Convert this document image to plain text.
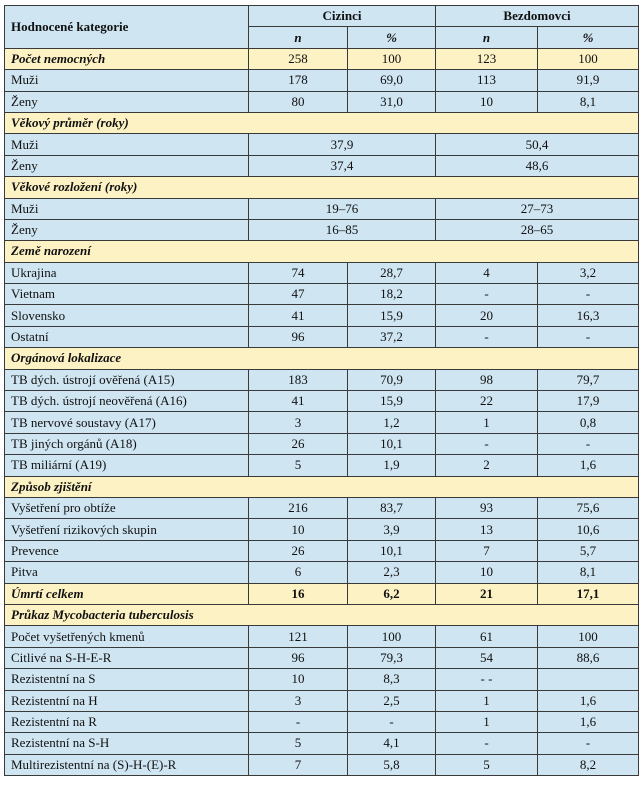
Hodnocené kategorie	Cizinci		Bezdomovci	
	n	%	n	%
Počet nemocných	258	100	123	100
Muži	178	69,0	113	91,9
Ženy	80	31,0	10	8,1
Věkový průměr (roky)				
Muži	37,9		50,4	
Ženy	37,4		48,6	
Věkové rozložení (roky)				
Muži	19–76		27–73	
Ženy	16–85		28–65	
Země narození				
Ukrajina	74	28,7	4	3,2
Vietnam	47	18,2	-	-
Slovensko	41	15,9	20	16,3
Ostatní	96	37,2	-	-
Orgánová lokalizace				
TB dých. ústrojí ověřená (A15)	183	70,9	98	79,7
TB dých. ústrojí neověřená (A16)	41	15,9	22	17,9
TB nervové soustavy (A17)	3	1,2	1	0,8
TB jiných orgánů (A18)	26	10,1	-	-
TB miliární (A19)	5	1,9	2	1,6
Způsob zjištění				
Vyšetření pro obtíže	216	83,7	93	75,6
Vyšetření rizikových skupin	10	3,9	13	10,6
Prevence	26	10,1	7	5,7
Pitva	6	2,3	10	8,1
Úmrtí celkem	16	6,2	21	17,1
Průkaz Mycobacteria tuberculosis				
Počet vyšetřených kmenů	121	100	61	100
Citlivé na S-H-E-R	96	79,3	54	88,6
Rezistentní na S	10	8,3	- -	
Rezistentní na H	3	2,5	1	1,6
Rezistentní na R	-	-	1	1,6
Rezistentní na S-H	5	4,1	-	-
Multirezistentní na (S)-H-(E)-R	7	5,8	5	8,2
